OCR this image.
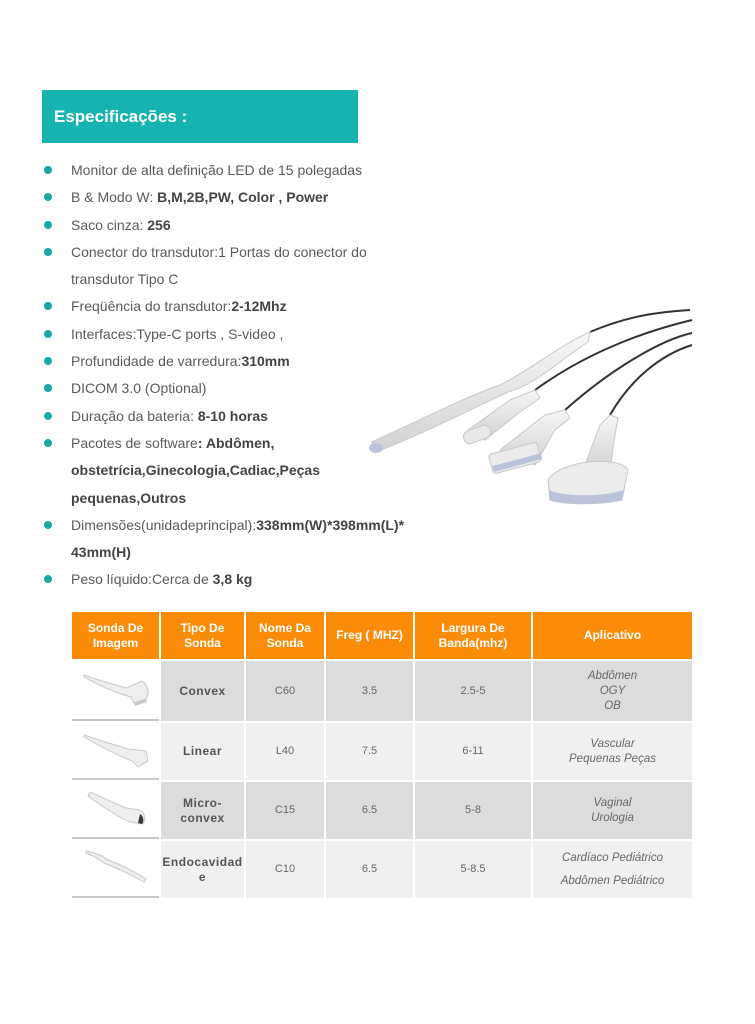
Especificações :
Monitor de alta definição LED de 15 polegadas
B & Modo W: B,M,2B,PW, Color , Power
Saco cinza: 256
Conector do transdutor:1 Portas do conector do transdutor Tipo C
Freqüência do transdutor:2-12Mhz
Interfaces:Type-C ports , S-video ,
Profundidade de varredura:310mm
DICOM 3.0 (Optional)
Duração da bateria: 8-10 horas
Pacotes de software: Abdômen, obstetrícia,Ginecologia,Cadiac,Peças pequenas,Outros
Dimensões(unidadeprincipal):338mm(W)*398mm(L)* 43mm(H)
Peso líquido:Cerca de 3,8 kg
Sonda De Imagem	Tipo De Sonda	Nome Da Sonda	Freg ( MHZ)	Largura De Banda(mhz)	Aplicativo
	Convex	C60	3.5	2.5-5	Abdômen
OGY
OB

	Linear	L40	7.5	6-11	Vascular
Pequenas Peças

	Micro-convex	C15	6.5	5-8	Vaginal
Urologia

	Endocavidade	C10	6.5	5-8.5	Cardíaco Pediátrico
Abdômen Pediátrico
